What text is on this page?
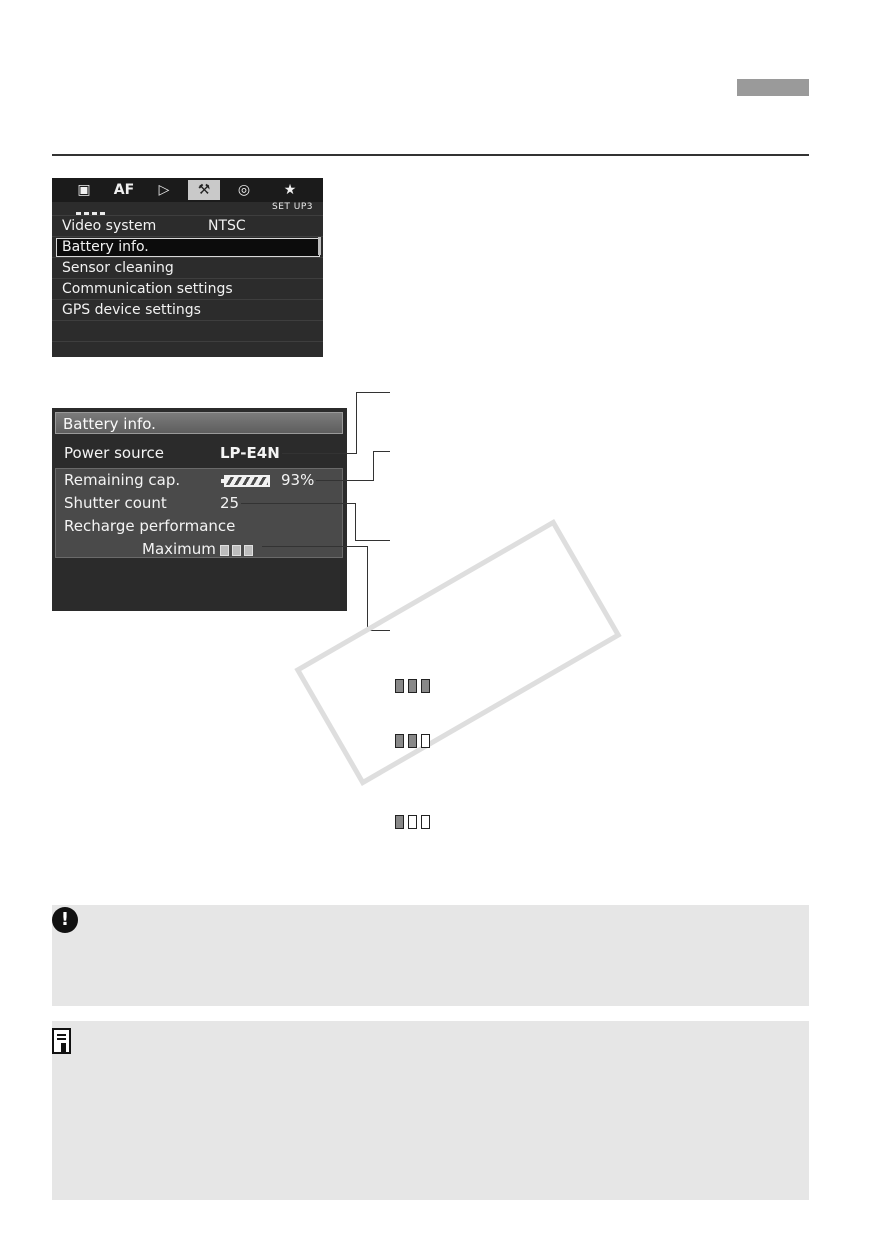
▣	AF	▷	⚒	◎	★
SET UP3
Video system	NTSC
Battery info.
Sensor cleaning
Communication settings
GPS device settings
Battery info.
Power source	LP-E4N
Remaining cap.	93%
Shutter count	25
Recharge performance
Maximum
!
